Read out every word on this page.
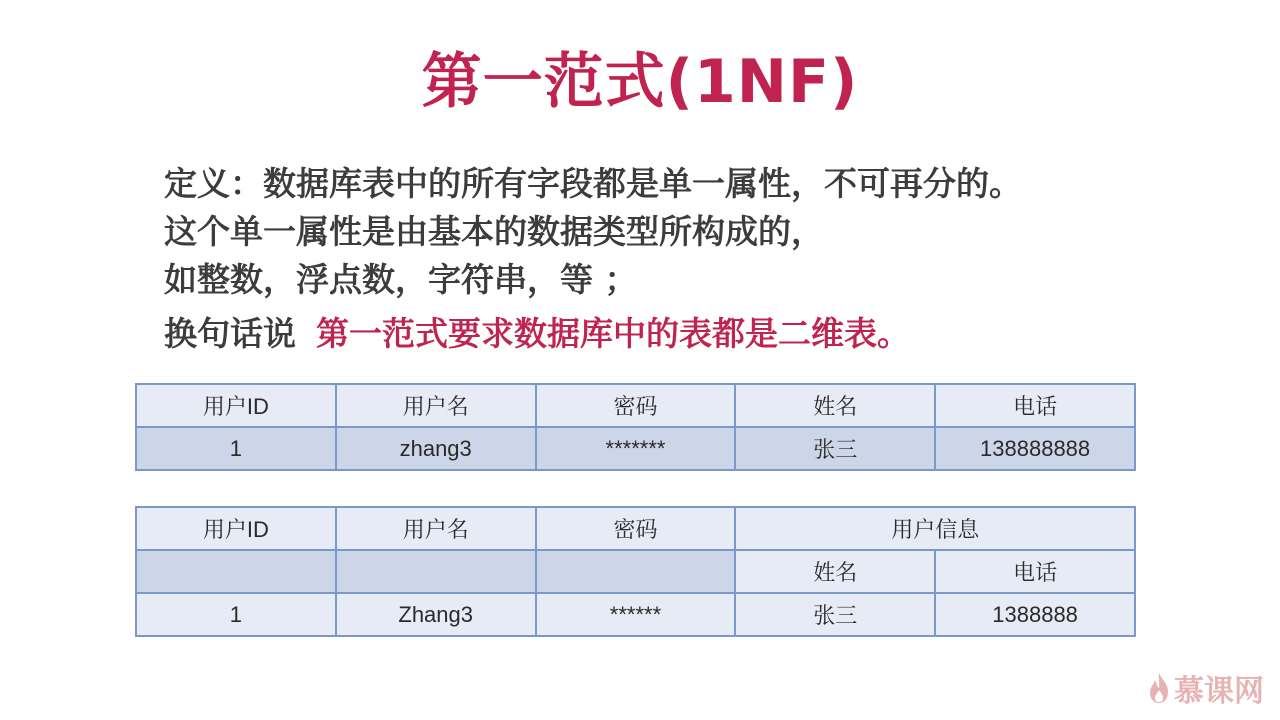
第一范式(1NF)
定义：数据库表中的所有字段都是单一属性，不可再分的。
这个单一属性是由基本的数据类型所构成的，
如整数，浮点数，字符串，等 ；
换句话说 第一范式要求数据库中的表都是二维表。
用户ID	用户名	密码	姓名	电话
1	zhang3	*******	张三	138888888
用户ID	用户名	密码	用户信息	
			姓名	电话
1	Zhang3	******	张三	1388888
慕课网
